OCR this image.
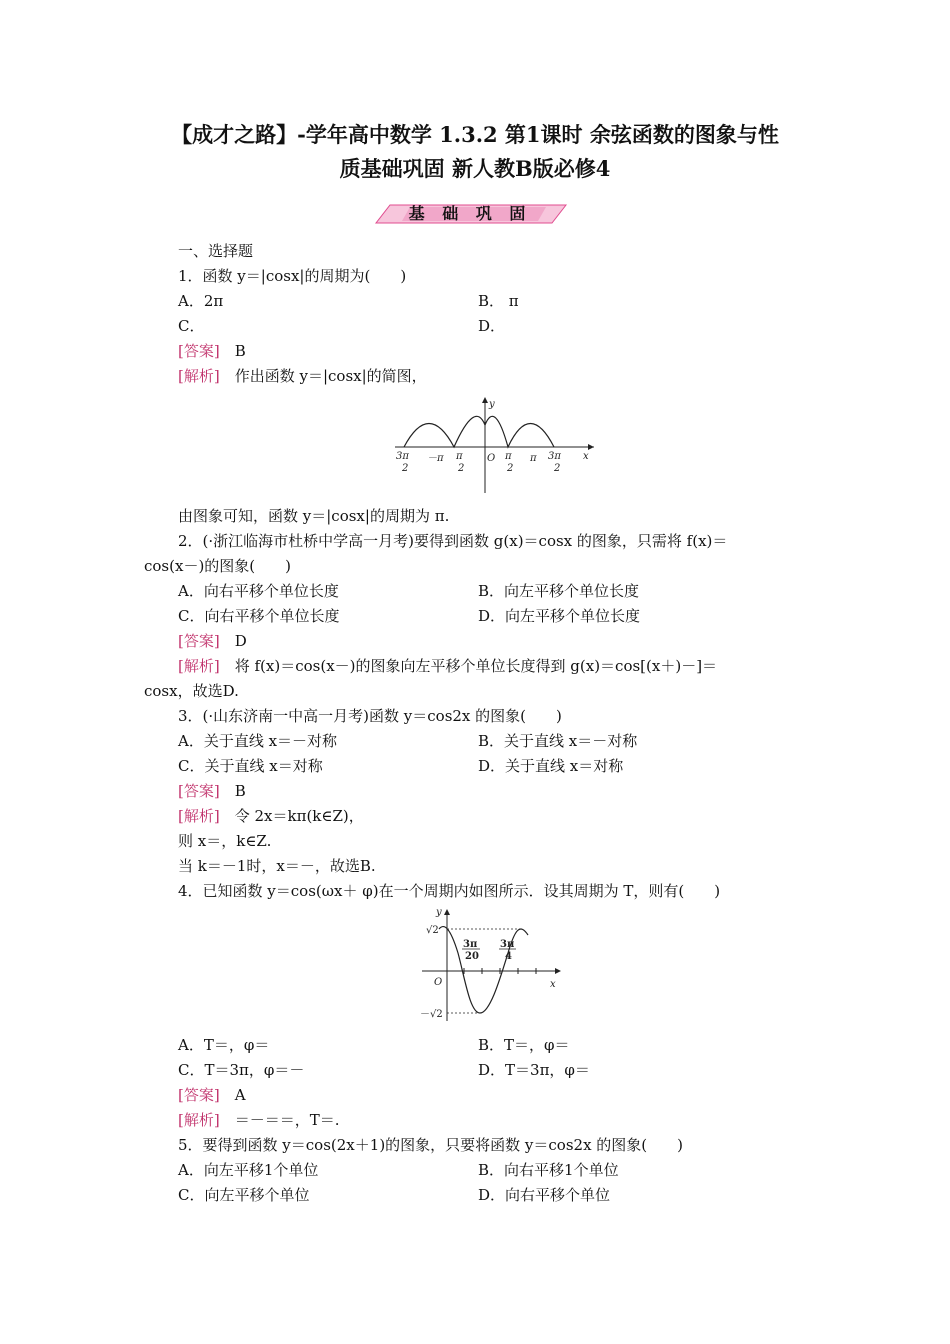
【成才之路】-学年高中数学 1.3.2 第1课时 余弦函数的图象与性
质基础巩固 新人教B版必修4
基 础 巩 固
一、选择题
1．函数 y＝|cosx|的周期为(　　)
A．2π	B． π
C．	D．
[答案]　 B
[解析]　 作出函数 y＝|cosx|的简图，
y
x
O
3π
2
－π π
2
π
2
π 3π
2
由图象可知，函数 y＝|cosx|的周期为 π.
2．(·浙江临海市杜桥中学高一月考)要得到函数 g(x)＝cosx 的图象，只需将 f(x)＝
cos(x－)的图象(　　)
A．向右平移个单位长度	B．向左平移个单位长度
C．向右平移个单位长度	D．向左平移个单位长度
[答案]　 D
[解析]　 将 f(x)＝cos(x－)的图象向左平移个单位长度得到 g(x)＝cos[(x＋)－]＝
cosx，故选D.
3．(·山东济南一中高一月考)函数 y＝cos2x 的图象(　　)
A．关于直线 x＝－对称	B．关于直线 x＝－对称
C．关于直线 x＝对称	D．关于直线 x＝对称
[答案]　 B
[解析]　 令 2x＝kπ(k∈Z)，
则 x＝，k∈Z.
当 k＝－1时，x＝－，故选B.
4．已知函数 y＝cos(ωx＋ φ)在一个周期内如图所示．设其周期为 T，则有(　　)
y
x
O
√2
－√2
3π
20
3π
4
A．T＝，φ＝	B．T＝，φ＝
C．T＝3π，φ＝－	D．T＝3π，φ＝
[答案]　 A
[解析]　 ＝－＝＝，T＝.
5．要得到函数 y＝cos(2x＋1)的图象，只要将函数 y＝cos2x 的图象(　　)
A．向左平移1个单位	B．向右平移1个单位
C．向左平移个单位	D．向右平移个单位
